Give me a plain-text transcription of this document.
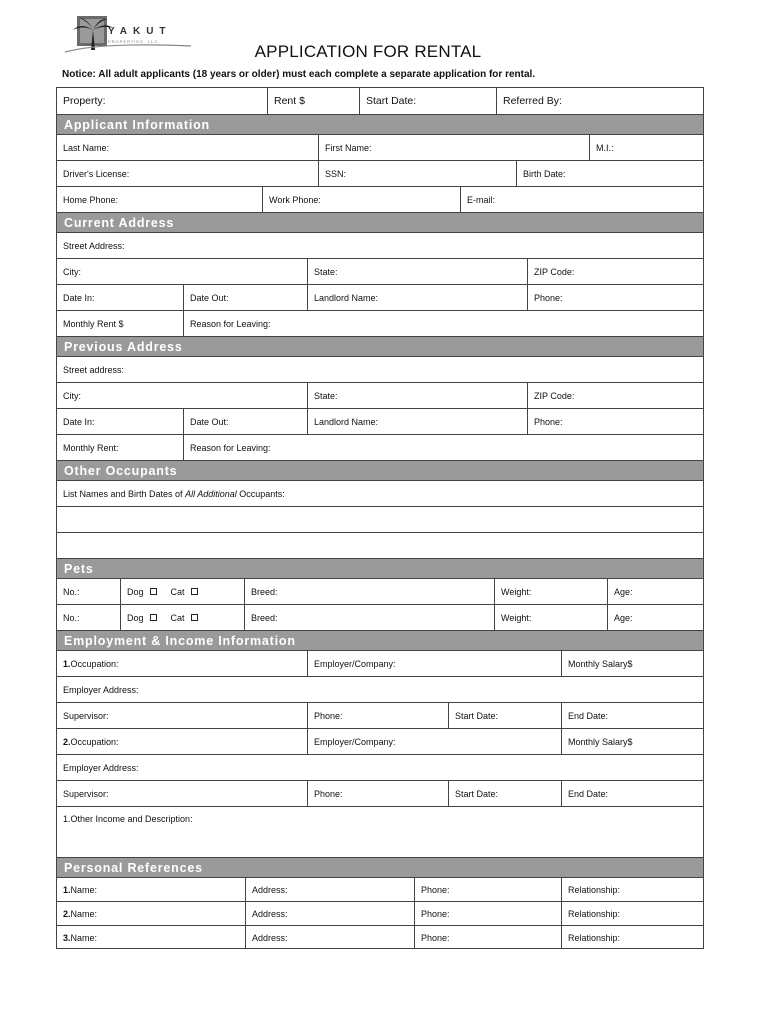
YAKUT
PROPERTIES, LLC
APPLICATION FOR RENTAL
Notice: All adult applicants (18 years or older) must each complete a separate application for rental.
Property:	Rent $	Start Date:	Referred By:
Applicant Information
Last Name:	First Name:	M.I.:
Driver's License:	SSN:	Birth Date:
Home Phone:	Work Phone:	E-mail:
Current Address
Street Address:
City:	State:	ZIP Code:
Date In:	Date Out:	Landlord Name:	Phone:
Monthly Rent $	Reason for Leaving:
Previous Address
Street address:
City:	State:	ZIP Code:
Date In:	Date Out:	Landlord Name:	Phone:
Monthly Rent:	Reason for Leaving:
Other Occupants
List Names and Birth Dates of All Additional Occupants:
Pets
No.:	Dog	Cat	Breed:	Weight:	Age:
No.:	Dog	Cat	Breed:	Weight:	Age:
Employment & Income Information
1. Occupation:	Employer/Company:	Monthly Salary$
Employer Address:
Supervisor:	Phone:	Start Date:	End Date:
2. Occupation:	Employer/Company:	Monthly Salary$
Employer Address:
Supervisor:	Phone:	Start Date:	End Date:
1.Other Income and Description:
Personal References
1. Name:	Address:	Phone:	Relationship:
2. Name:	Address:	Phone:	Relationship:
3. Name:	Address:	Phone:	Relationship:
